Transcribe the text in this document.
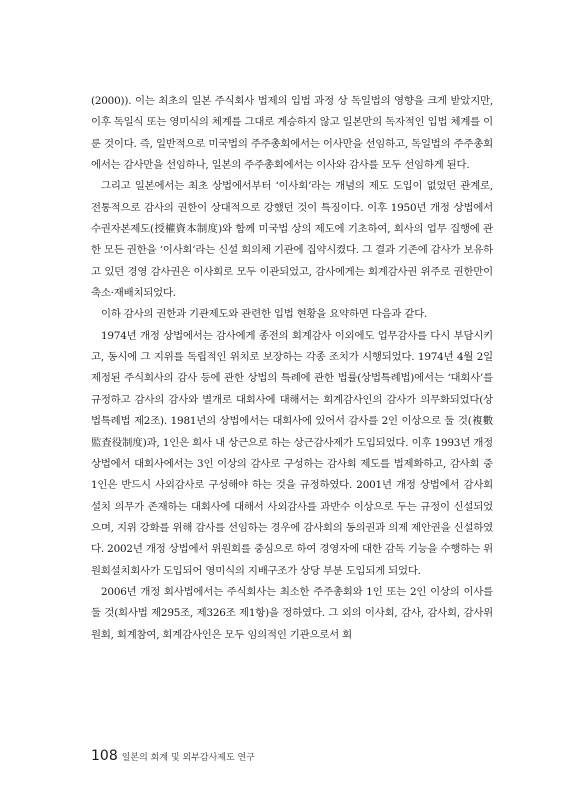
(2000)). 이는 최초의 일본 주식회사 법제의 입법 과정 상 독일법의 영향을 크게 받았지만, 이후 독일식 또는 영미식의 체계를 그대로 계승하지 않고 일본만의 독자적인 입법 체계를 이룬 것이다. 즉, 일반적으로 미국법의 주주총회에서는 이사만을 선임하고, 독일법의 주주총회에서는 감사만을 선임하나, 일본의 주주총회에서는 이사와 감사를 모두 선임하게 된다.

그리고 일본에서는 최초 상법에서부터 ‘이사회’라는 개념의 제도 도입이 없었던 관계로, 전통적으로 감사의 권한이 상대적으로 강했던 것이 특징이다. 이후 1950년 개정 상법에서 수권자본제도(授權資本制度)와 함께 미국법 상의 제도에 기초하여, 회사의 업무 집행에 관한 모든 권한을 ‘이사회’라는 신설 회의체 기관에 집약시켰다. 그 결과 기존에 감사가 보유하고 있던 경영 감사권은 이사회로 모두 이관되었고, 감사에게는 회계감사권 위주로 권한만이 축소·재배치되었다.

이하 감사의 권한과 기관제도와 관련한 입법 현황을 요약하면 다음과 같다.

1974년 개정 상법에서는 감사에게 종전의 회계감사 이외에도 업무감사를 다시 부담시키고, 동시에 그 지위를 독립적인 위치로 보장하는 각종 조치가 시행되었다. 1974년 4월 2일 제정된 주식회사의 감사 등에 관한 상법의 특례에 관한 법률(상법특례법)에서는 ‘대회사’를 규정하고 감사의 감사와 별개로 대회사에 대해서는 회계감사인의 감사가 의무화되었다(상법특례법 제2조). 1981년의 상법에서는 대회사에 있어서 감사를 2인 이상으로 둘 것(複數監査役制度)과, 1인은 회사 내 상근으로 하는 상근감사제가 도입되었다. 이후 1993년 개정 상법에서 대회사에서는 3인 이상의 감사로 구성하는 감사회 제도를 법제화하고, 감사회 중 1인은 반드시 사외감사로 구성해야 하는 것을 규정하였다. 2001년 개정 상법에서 감사회 설치 의무가 존재하는 대회사에 대해서 사외감사를 과반수 이상으로 두는 규정이 신설되었으며, 지위 강화를 위해 감사를 선임하는 경우에 감사회의 동의권과 의제 제안권을 신설하였다. 2002년 개정 상법에서 위원회를 중심으로 하여 경영자에 대한 감독 기능을 수행하는 위원회설치회사가 도입되어 영미식의 지배구조가 상당 부분 도입되게 되었다.

2006년 개정 회사법에서는 주식회사는 최소한 주주총회와 1인 또는 2인 이상의 이사를 둘 것(회사법 제295조, 제326조 제1항)을 정하였다. 그 외의 이사회, 감사, 감사회, 감사위원회, 회계참여, 회계감사인은 모두 임의적인 기관으로서 회

108 일본의 회계 및 외부감사제도 연구
